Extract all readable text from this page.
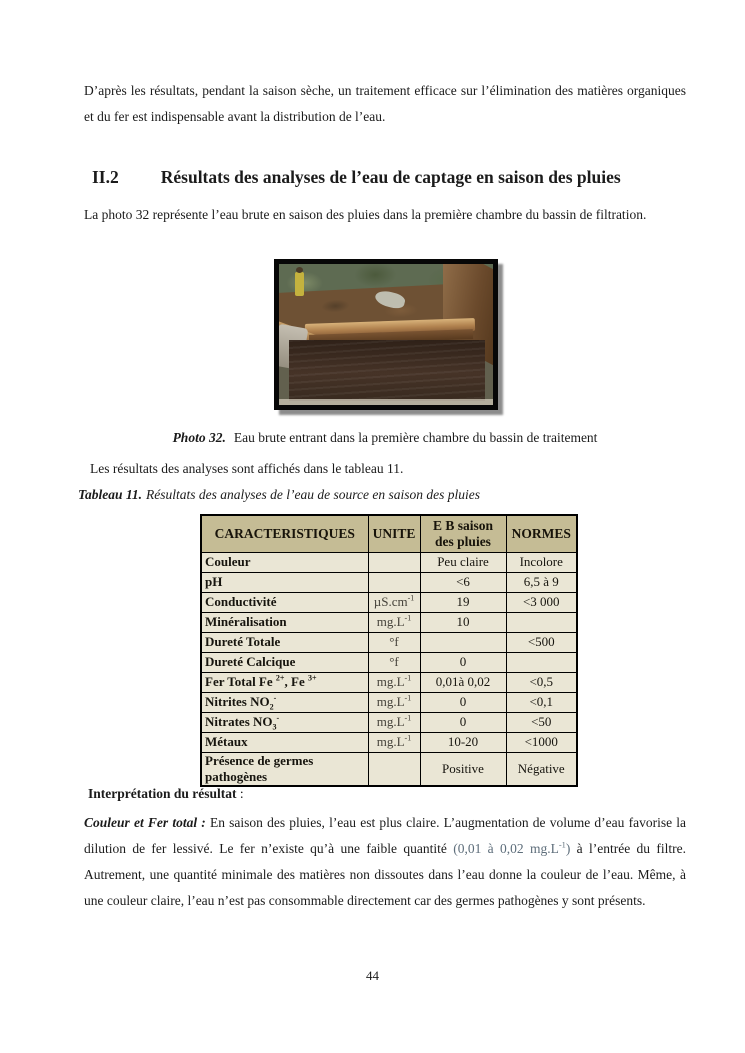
D’après les résultats, pendant la saison sèche, un traitement efficace sur l’élimination des matières organiques et du fer est indispensable avant la distribution de l’eau.

II.2 Résultats des analyses de l’eau de captage en saison des pluies

La photo 32 représente l’eau brute en saison des pluies dans la première chambre du bassin de filtration.

Photo 32. Eau brute entrant dans la première chambre du bassin de traitement

Les résultats des analyses sont affichés dans le tableau 11.

Tableau 11. Résultats des analyses de l’eau de source en saison des pluies

CARACTERISTIQUES	UNITE	E B saison des pluies	NORMES
Couleur		Peu claire	Incolore
pH		<6	6,5 à 9
Conductivité	$\mu S.cm^{-1}$	19	<3 000
Minéralisation	$mg.L^{-1}$	10	
Dureté Totale	°f		<500
Dureté Calcique	°f	0	
Fer Total Fe $^{2+}$, Fe $^{3+}$	$mg.L^{-1}$	0,01à 0,02	<0,5
Nitrites $NO_2^-$	$mg.L^{-1}$	0	<0,1
Nitrates $NO_3^-$	$mg.L^{-1}$	0	<50
Métaux	$mg.L^{-1}$	10-20	<1000
Présence de germes pathogènes		Positive	Négative

Interprétation du résultat :

Couleur et Fer total : En saison des pluies, l’eau est plus claire. L’augmentation de volume d’eau favorise la dilution de fer lessivé. Le fer n’existe qu’à une faible quantité (0,01 à 0,02 $mg.L^{-1}$) à l’entrée du filtre. Autrement, une quantité minimale des matières non dissoutes dans l’eau donne la couleur de l’eau. Même, à une couleur claire, l’eau n’est pas consommable directement car des germes pathogènes y sont présents.

44
